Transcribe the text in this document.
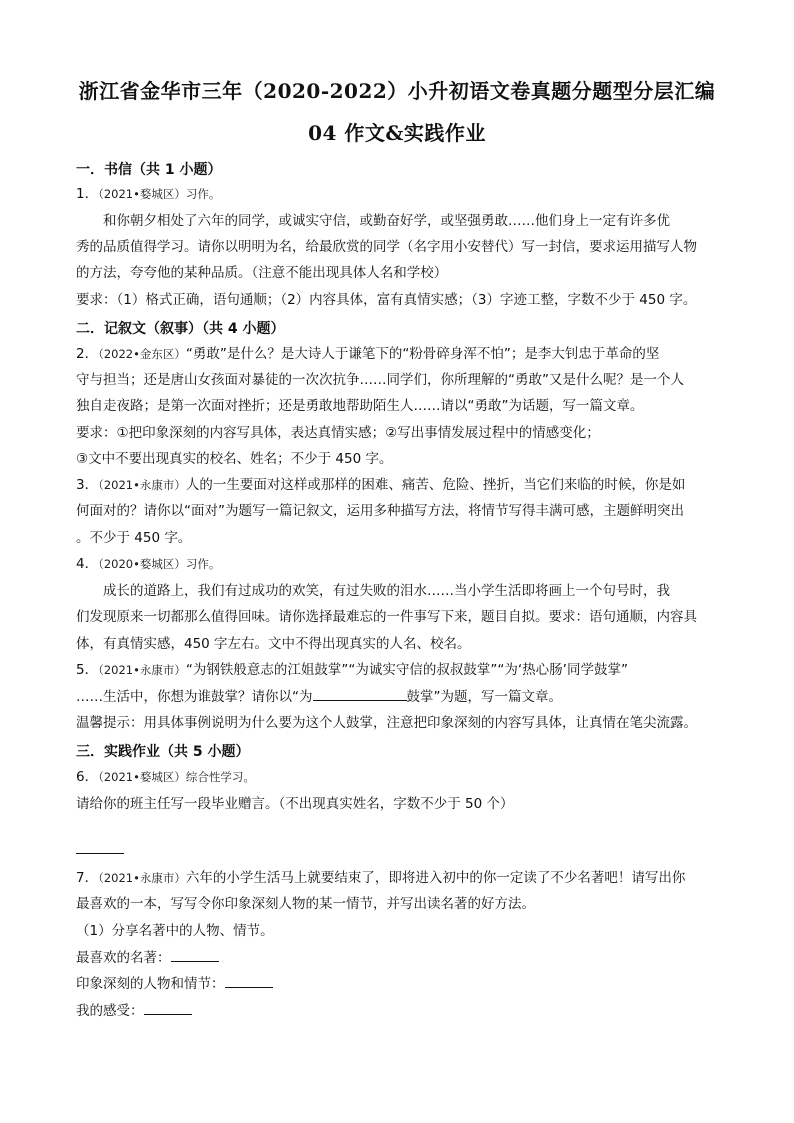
浙江省金华市三年（2020-2022）小升初语文卷真题分题型分层汇编
04 作文&实践作业
一．书信（共 1 小题）
1．（2021•婺城区）习作。
和你朝夕相处了六年的同学，或诚实守信，或勤奋好学，或坚强勇敢……他们身上一定有许多优
秀的品质值得学习。请你以明明为名，给最欣赏的同学（名字用小安替代）写一封信，要求运用描写人物
的方法，夸夸他的某种品质。（注意不能出现具体人名和学校）
要求：（1）格式正确，语句通顺；（2）内容具体，富有真情实感；（3）字迹工整，字数不少于 450 字。
二．记叙文（叙事）（共 4 小题）
2．（2022•金东区）“勇敢”是什么？是大诗人于谦笔下的“粉骨碎身浑不怕”；是李大钊忠于革命的坚
守与担当；还是唐山女孩面对暴徒的一次次抗争……同学们，你所理解的“勇敢”又是什么呢？是一个人
独自走夜路；是第一次面对挫折；还是勇敢地帮助陌生人……请以“勇敢”为话题，写一篇文章。
要求：①把印象深刻的内容写具体，表达真情实感；②写出事情发展过程中的情感变化；
③文中不要出现真实的校名、姓名；不少于 450 字。
3．（2021•永康市）人的一生要面对这样或那样的困难、痛苦、危险、挫折，当它们来临的时候，你是如
何面对的？请你以“面对”为题写一篇记叙文，运用多种描写方法，将情节写得丰满可感，主题鲜明突出
。不少于 450 字。
4．（2020•婺城区）习作。
成长的道路上，我们有过成功的欢笑，有过失败的泪水……当小学生活即将画上一个句号时，我
们发现原来一切都那么值得回味。请你选择最难忘的一件事写下来，题目自拟。要求：语句通顺，内容具
体，有真情实感，450 字左右。文中不得出现真实的人名、校名。
5．（2021•永康市）“为钢铁般意志的江姐鼓掌”“为诚实守信的叔叔鼓掌”“为‘热心肠’同学鼓掌”
……生活中，你想为谁鼓掌？请你以“为	鼓掌”为题，写一篇文章。
温馨提示：用具体事例说明为什么要为这个人鼓掌，注意把印象深刻的内容写具体，让真情在笔尖流露。
三．实践作业（共 5 小题）
6．（2021•婺城区）综合性学习。
请给你的班主任写一段毕业赠言。（不出现真实姓名，字数不少于 50 个）
7．（2021•永康市）六年的小学生活马上就要结束了，即将进入初中的你一定读了不少名著吧！请写出你
最喜欢的一本，写写令你印象深刻人物的某一情节，并写出读名著的好方法。
（1）分享名著中的人物、情节。
最喜欢的名著：
印象深刻的人物和情节：
我的感受：
